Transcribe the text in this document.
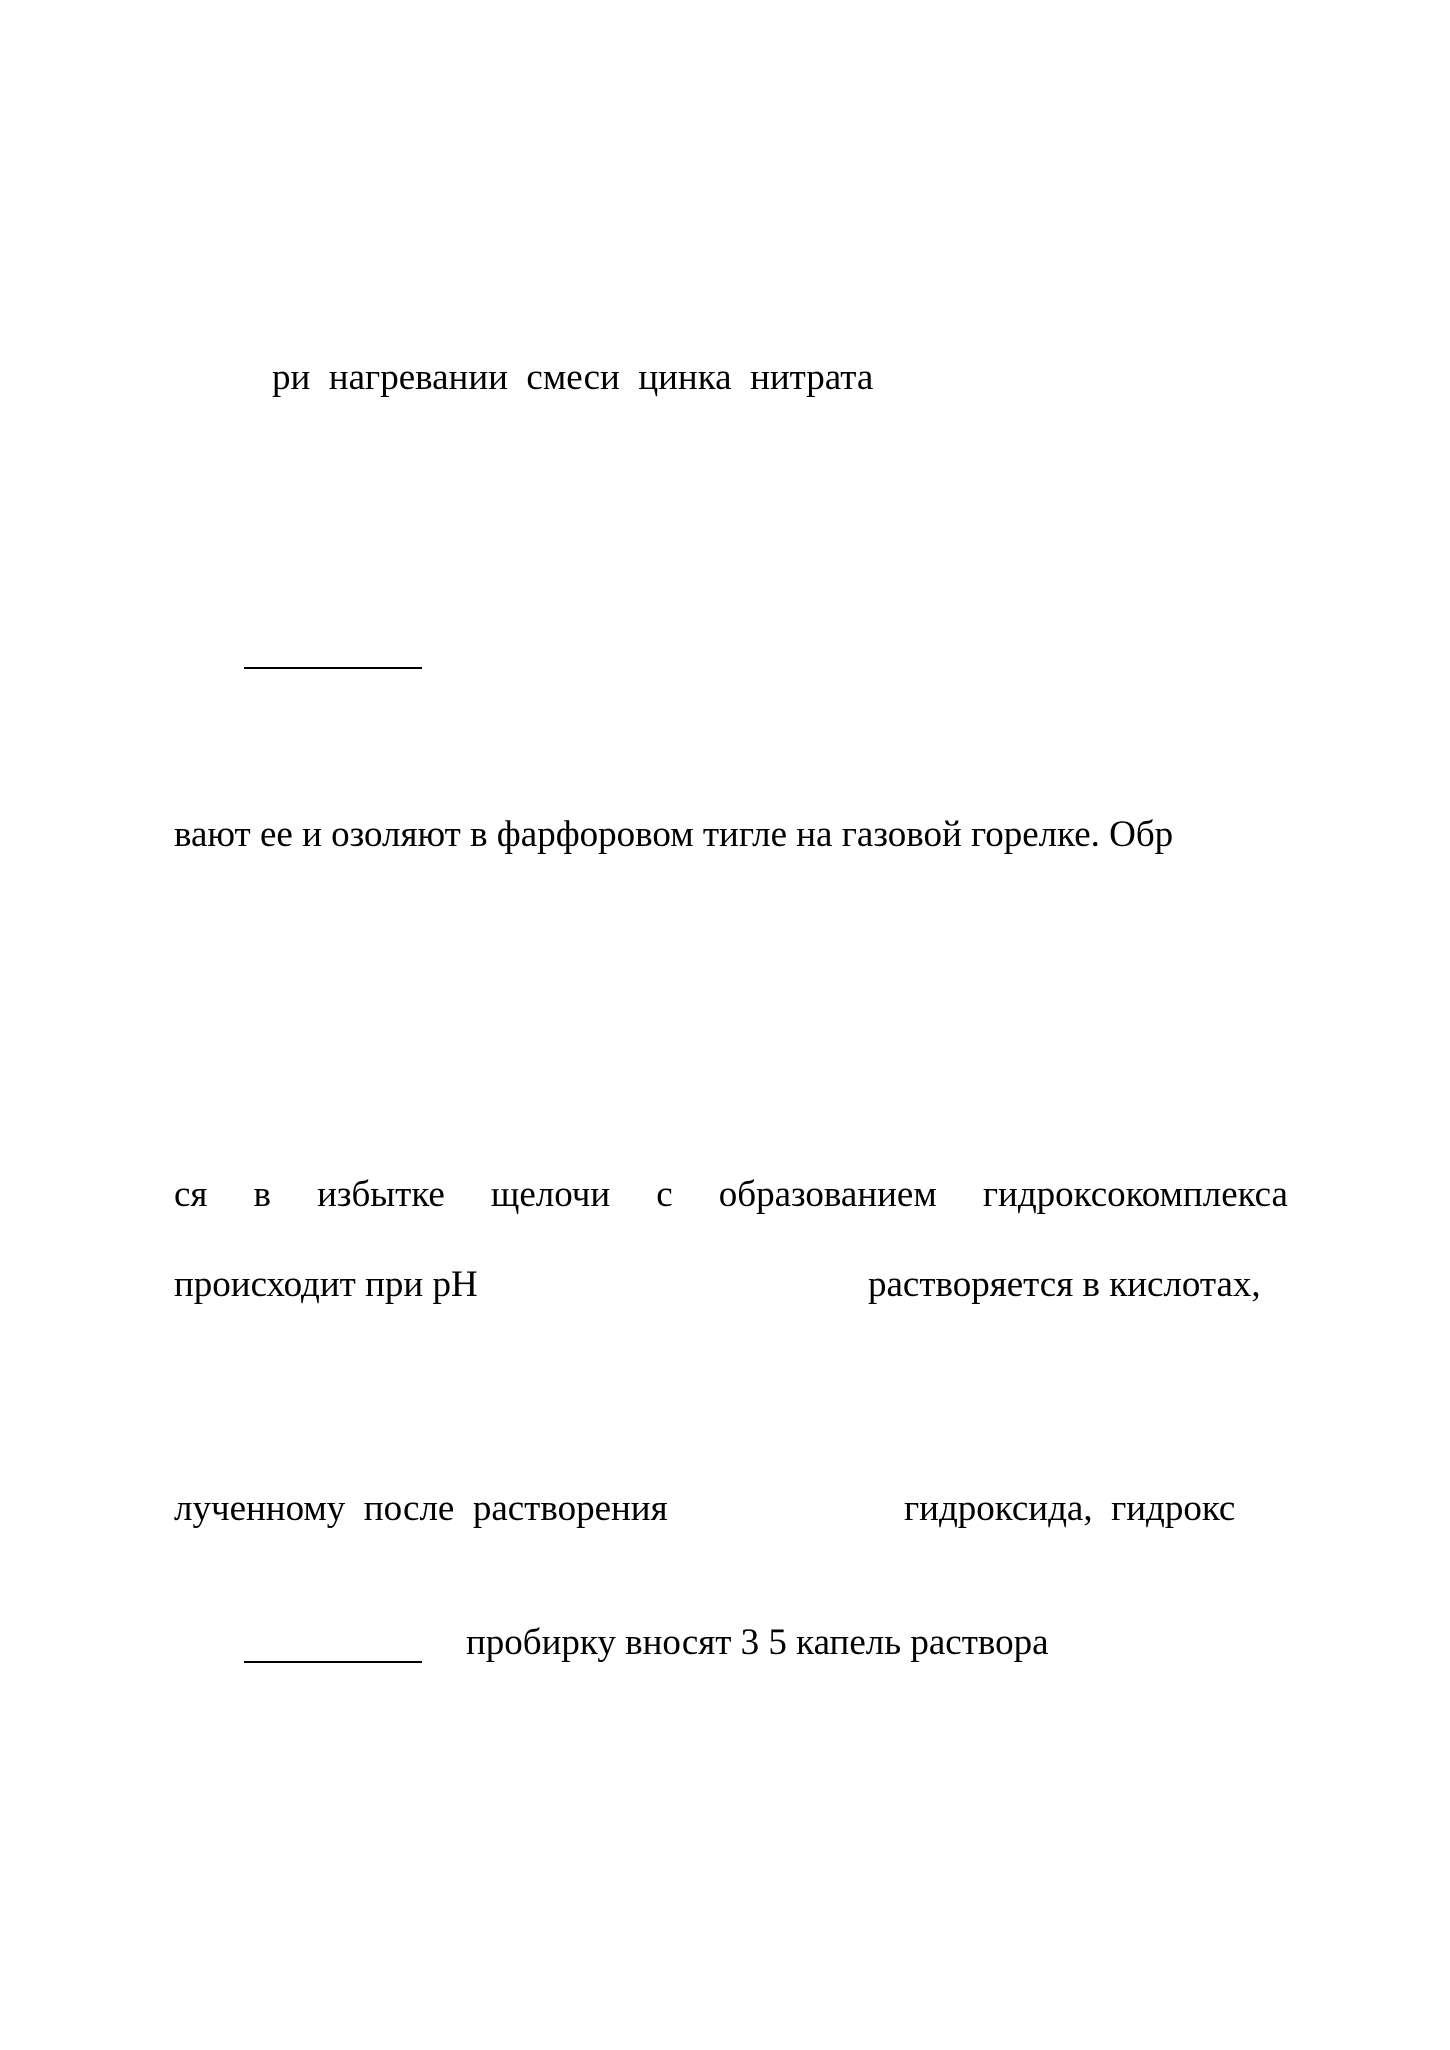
ри  нагревании  смеси  цинка  нитрата
вают ее и озоляют в фарфоровом тигле на газовой горелке. Обр
ся в избытке щелочи с образованием гидроксокомплекса
происходит при pH	растворяется в кислотах,
лученному  после  растворения	гидроксида,  гидрокс
пробирку вносят 3 5 капель раствора
